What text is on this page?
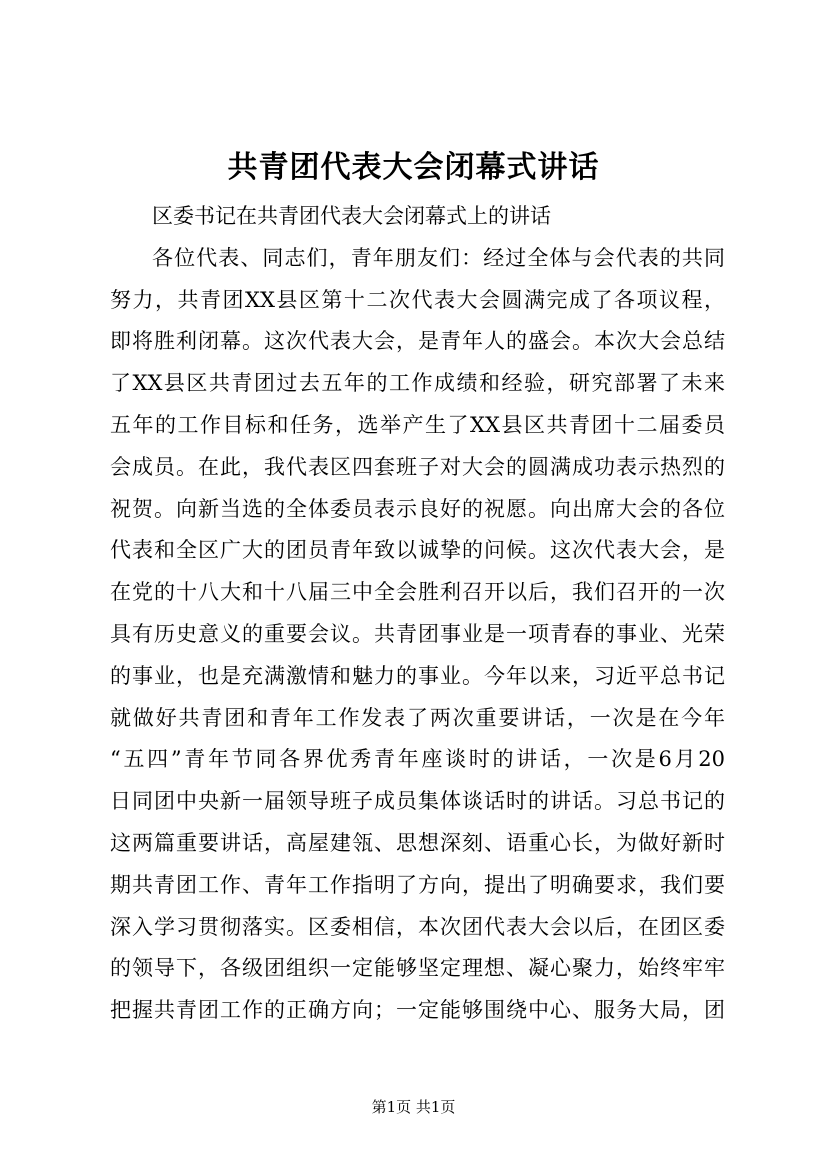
共青团代表大会闭幕式讲话
区委书记在共青团代表大会闭幕式上的讲话
各位代表、同志们，青年朋友们：经过全体与会代表的共同
努力，共青团XX县区第十二次代表大会圆满完成了各项议程，
即将胜利闭幕。这次代表大会，是青年人的盛会。本次大会总结
了XX县区共青团过去五年的工作成绩和经验，研究部署了未来
五年的工作目标和任务，选举产生了XX县区共青团十二届委员
会成员。在此，我代表区四套班子对大会的圆满成功表示热烈的
祝贺。向新当选的全体委员表示良好的祝愿。向出席大会的各位
代表和全区广大的团员青年致以诚挚的问候。这次代表大会，是
在党的十八大和十八届三中全会胜利召开以后，我们召开的一次
具有历史意义的重要会议。共青团事业是一项青春的事业、光荣
的事业，也是充满激情和魅力的事业。今年以来，习近平总书记
就做好共青团和青年工作发表了两次重要讲话，一次是在今年
“五四”青年节同各界优秀青年座谈时的讲话，一次是6月20
日同团中央新一届领导班子成员集体谈话时的讲话。习总书记的
这两篇重要讲话，高屋建瓴、思想深刻、语重心长，为做好新时
期共青团工作、青年工作指明了方向，提出了明确要求，我们要
深入学习贯彻落实。区委相信，本次团代表大会以后，在团区委
的领导下，各级团组织一定能够坚定理想、凝心聚力，始终牢牢
把握共青团工作的正确方向；一定能够围绕中心、服务大局，团
第1页 共1页
